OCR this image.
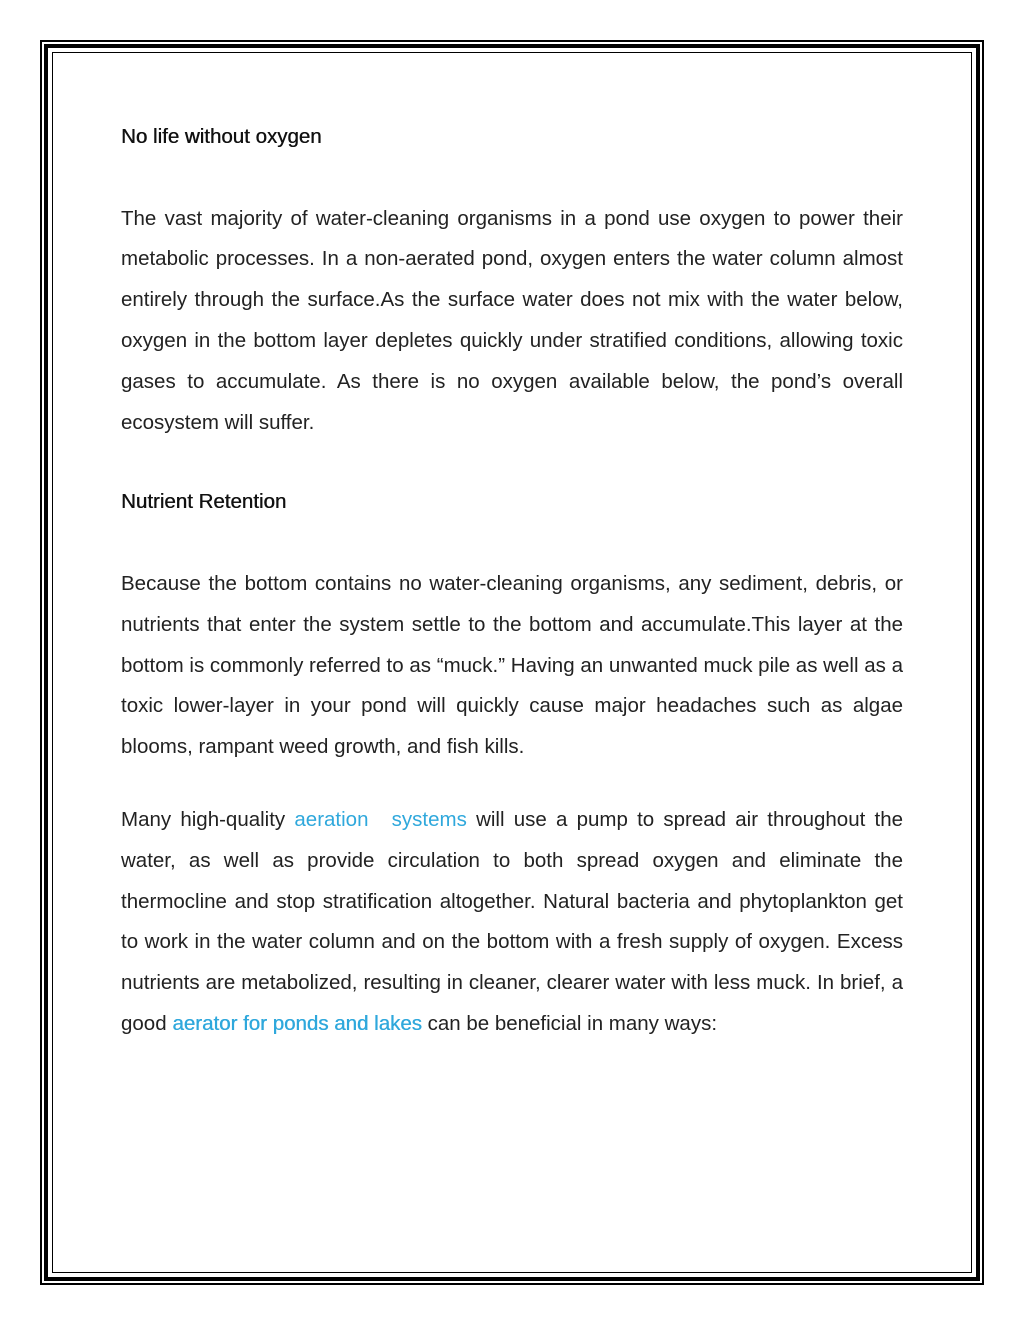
No life without oxygen

The vast majority of water-cleaning organisms in a pond use oxygen to power their metabolic processes. In a non-aerated pond, oxygen enters the water column almost entirely through the surface.As the surface water does not mix with the water below, oxygen in the bottom layer depletes quickly under stratified conditions, allowing toxic gases to accumulate. As there is no oxygen available below, the pond’s overall ecosystem will suffer.

Nutrient Retention

Because the bottom contains no water-cleaning organisms, any sediment, debris, or nutrients that enter the system settle to the bottom and accumulate.This layer at the bottom is commonly referred to as “muck.” Having an unwanted muck pile as well as a toxic lower-layer in your pond will quickly cause major headaches such as algae blooms, rampant weed growth, and fish kills.

Many high-quality aeration systems will use a pump to spread air throughout the water, as well as provide circulation to both spread oxygen and eliminate the thermocline and stop stratification altogether. Natural bacteria and phytoplankton get to work in the water column and on the bottom with a fresh supply of oxygen. Excess nutrients are metabolized, resulting in cleaner, clearer water with less muck. In brief, a good aerator for ponds and lakes can be beneficial in many ways:
